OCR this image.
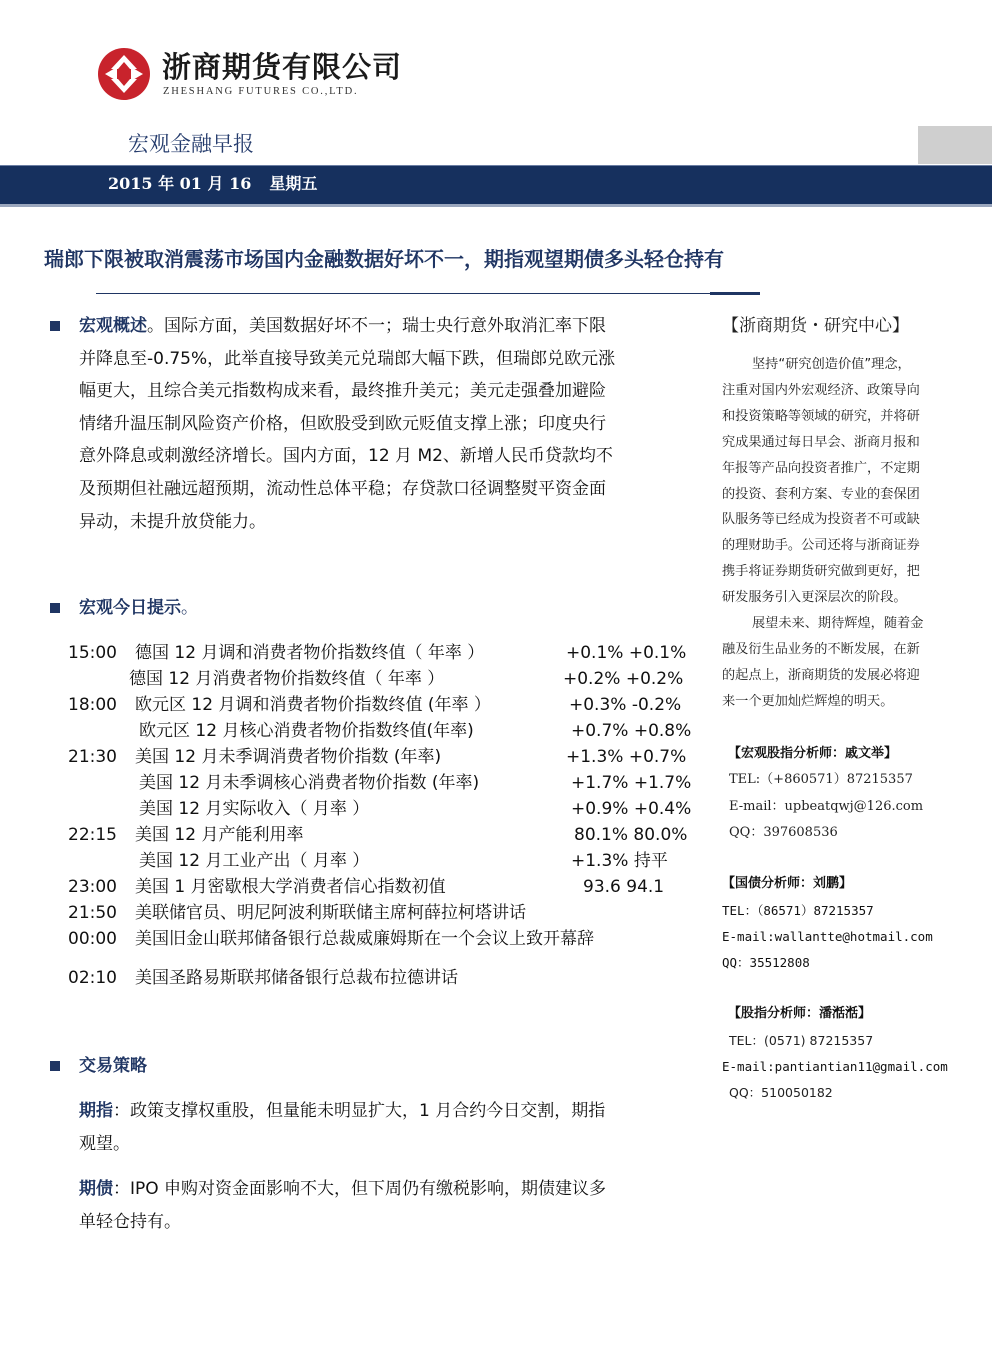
浙商期货有限公司
ZHESHANG FUTURES CO.,LTD.
宏观金融早报
2015 年 01 月 16 星期五
瑞郎下限被取消震荡市场国内金融数据好坏不一，期指观望期债多头轻仓持有
宏观概述。国际方面，美国数据好坏不一；瑞士央行意外取消汇率下限
并降息至-0.75%，此举直接导致美元兑瑞郎大幅下跌，但瑞郎兑欧元涨
幅更大，且综合美元指数构成来看，最终推升美元；美元走强叠加避险
情绪升温压制风险资产价格，但欧股受到欧元贬值支撑上涨；印度央行
意外降息或刺激经济增长。国内方面，12 月 M2、新增人民币贷款均不
及预期但社融远超预期，流动性总体平稳；存贷款口径调整熨平资金面
异动，未提升放贷能力。
宏观今日提示。
15:00 德国 12 月调和消费者物价指数终值（ 年率 ）	+0.1% +0.1%
德国 12 月消费者物价指数终值（ 年率 ）	+0.2% +0.2%
18:00 欧元区 12 月调和消费者物价指数终值 (年率 ）	+0.3% -0.2%
欧元区 12 月核心消费者物价指数终值(年率)	+0.7% +0.8%
21:30 美国 12 月未季调消费者物价指数 (年率)	+1.3% +0.7%
美国 12 月未季调核心消费者物价指数 (年率)	+1.7% +1.7%
美国 12 月实际收入（ 月率 ）	+0.9% +0.4%
22:15 美国 12 月产能利用率	80.1% 80.0%
美国 12 月工业产出（ 月率 ）	+1.3% 持平
23:00 美国 1 月密歇根大学消费者信心指数初值	93.6 94.1
21:50 美联储官员、明尼阿波利斯联储主席柯薛拉柯塔讲话
00:00 美国旧金山联邦储备银行总裁威廉姆斯在一个会议上致开幕辞
02:10 美国圣路易斯联邦储备银行总裁布拉德讲话
交易策略
期指：政策支撑权重股，但量能未明显扩大，1 月合约今日交割，期指
观望。
期债：IPO 申购对资金面影响不大，但下周仍有缴税影响，期债建议多
单轻仓持有。
【浙商期货・研究中心】
坚持“研究创造价值”理念，
注重对国内外宏观经济、政策导向
和投资策略等领域的研究，并将研
究成果通过每日早会、浙商月报和
年报等产品向投资者推广，不定期
的投资、套利方案、专业的套保团
队服务等已经成为投资者不可或缺
的理财助手。公司还将与浙商证券
携手将证券期货研究做到更好，把
研发服务引入更深层次的阶段。
展望未来、期待辉煌，随着金
融及衍生品业务的不断发展，在新
的起点上，浙商期货的发展必将迎
来一个更加灿烂辉煌的明天。
【宏观股指分析师：戚文举】
TEL:（+860571）87215357
E-mail：upbeatqwj@126.com
QQ：397608536
【国债分析师：刘鹏】
TEL：（86571）87215357
E-mail:wallantte@hotmail.com
QQ：35512808
【股指分析师：潘湉湉】
TEL：(0571) 87215357
E-mail:pantiantian11@gmail.com
QQ：510050182
